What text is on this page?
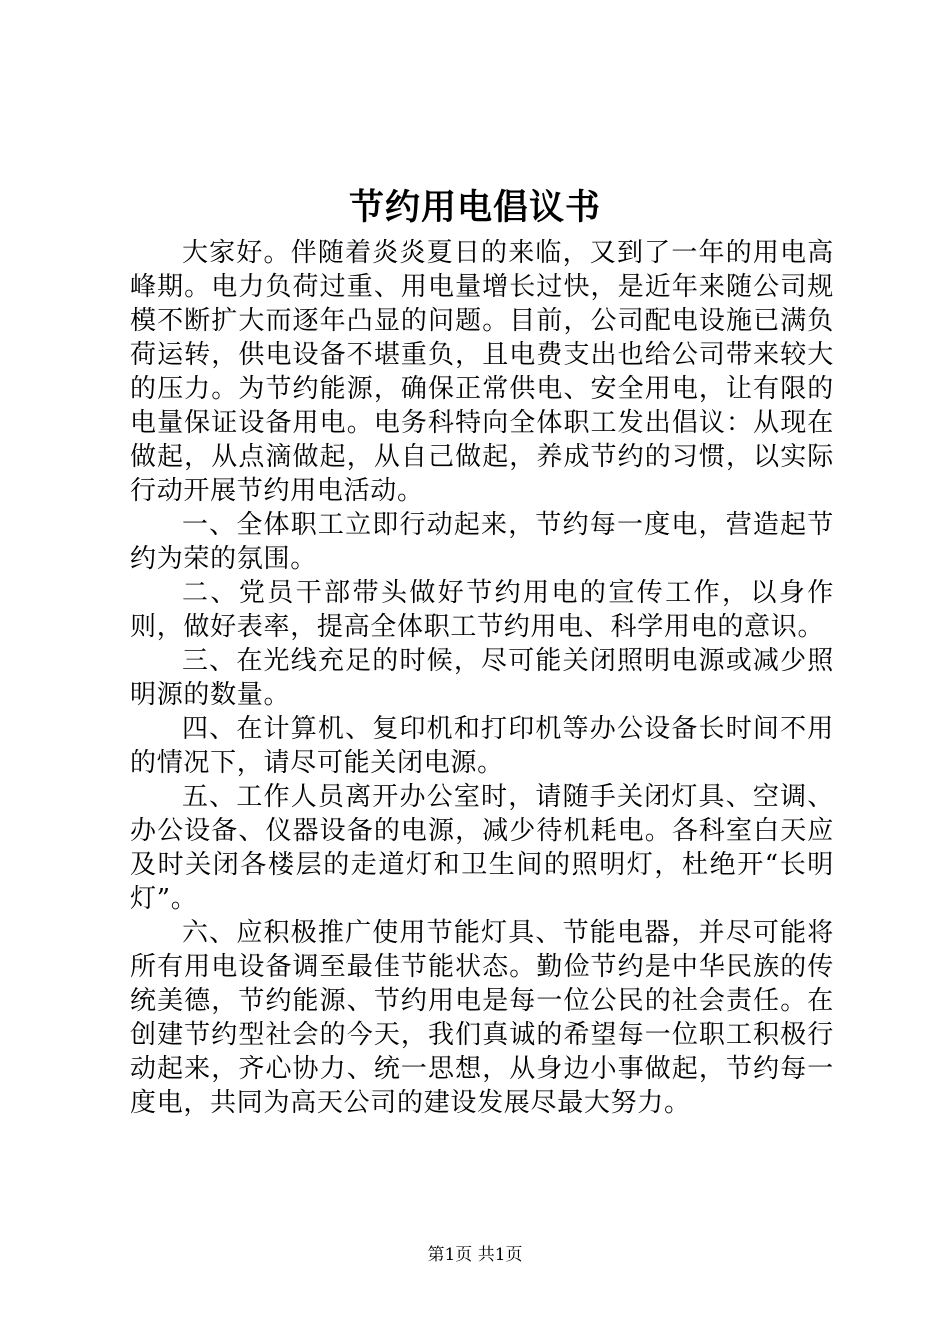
节约用电倡议书

大家好。伴随着炎炎夏日的来临，又到了一年的用电高峰期。电力负荷过重、用电量增长过快，是近年来随公司规模不断扩大而逐年凸显的问题。目前，公司配电设施已满负荷运转，供电设备不堪重负，且电费支出也给公司带来较大的压力。为节约能源，确保正常供电、安全用电，让有限的电量保证设备用电。电务科特向全体职工发出倡议：从现在做起，从点滴做起，从自己做起，养成节约的习惯，以实际行动开展节约用电活动。

一、全体职工立即行动起来，节约每一度电，营造起节约为荣的氛围。

二、党员干部带头做好节约用电的宣传工作，以身作则，做好表率，提高全体职工节约用电、科学用电的意识。

三、在光线充足的时候，尽可能关闭照明电源或减少照明源的数量。

四、在计算机、复印机和打印机等办公设备长时间不用的情况下，请尽可能关闭电源。

五、工作人员离开办公室时，请随手关闭灯具、空调、办公设备、仪器设备的电源，减少待机耗电。各科室白天应及时关闭各楼层的走道灯和卫生间的照明灯，杜绝开“长明灯”。

六、应积极推广使用节能灯具、节能电器，并尽可能将所有用电设备调至最佳节能状态。勤俭节约是中华民族的传统美德，节约能源、节约用电是每一位公民的社会责任。在创建节约型社会的今天，我们真诚的希望每一位职工积极行动起来，齐心协力、统一思想，从身边小事做起，节约每一度电，共同为高天公司的建设发展尽最大努力。

第1页 共1页
